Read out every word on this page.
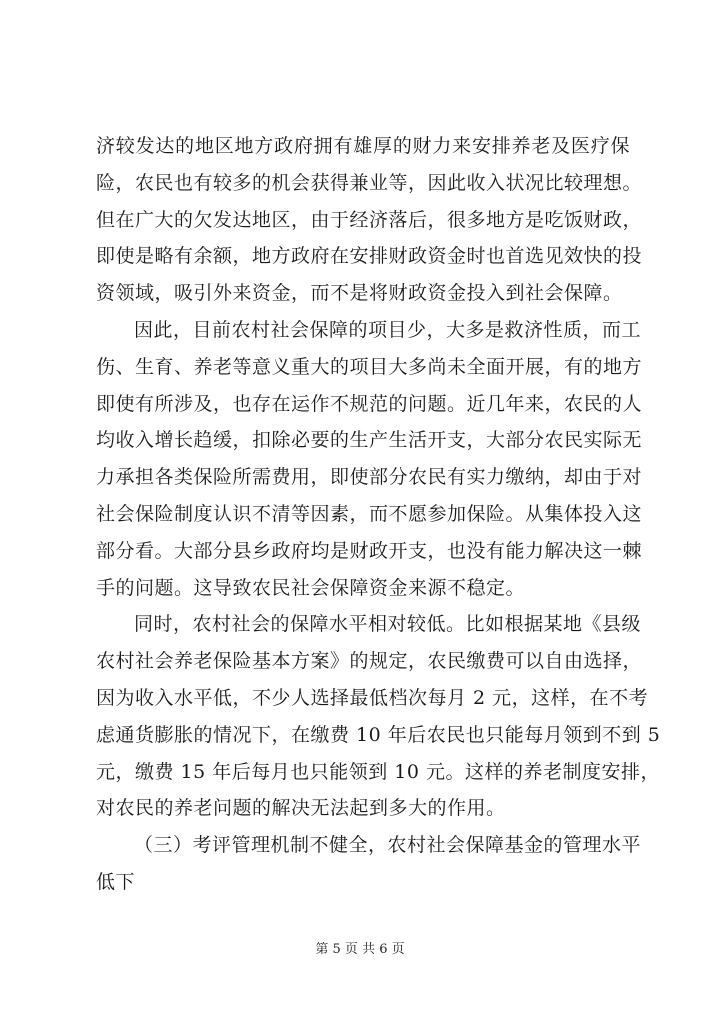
济较发达的地区地方政府拥有雄厚的财力来安排养老及医疗保
险，农民也有较多的机会获得兼业等，因此收入状况比较理想。
但在广大的欠发达地区，由于经济落后，很多地方是吃饭财政，
即使是略有余额，地方政府在安排财政资金时也首选见效快的投
资领域，吸引外来资金，而不是将财政资金投入到社会保障。
因此，目前农村社会保障的项目少，大多是救济性质，而工
伤、生育、养老等意义重大的项目大多尚未全面开展，有的地方
即使有所涉及，也存在运作不规范的问题。近几年来，农民的人
均收入增长趋缓，扣除必要的生产生活开支，大部分农民实际无
力承担各类保险所需费用，即使部分农民有实力缴纳，却由于对
社会保险制度认识不清等因素，而不愿参加保险。从集体投入这
部分看。大部分县乡政府均是财政开支，也没有能力解决这一棘
手的问题。这导致农民社会保障资金来源不稳定。
同时，农村社会的保障水平相对较低。比如根据某地《县级
农村社会养老保险基本方案》的规定，农民缴费可以自由选择，
因为收入水平低，不少人选择最低档次每月 2 元，这样，在不考
虑通货膨胀的情况下，在缴费 10 年后农民也只能每月领到不到 5
元，缴费 15 年后每月也只能领到 10 元。这样的养老制度安排，
对农民的养老问题的解决无法起到多大的作用。
（三）考评管理机制不健全，农村社会保障基金的管理水平
低下
第 5 页 共 6 页
